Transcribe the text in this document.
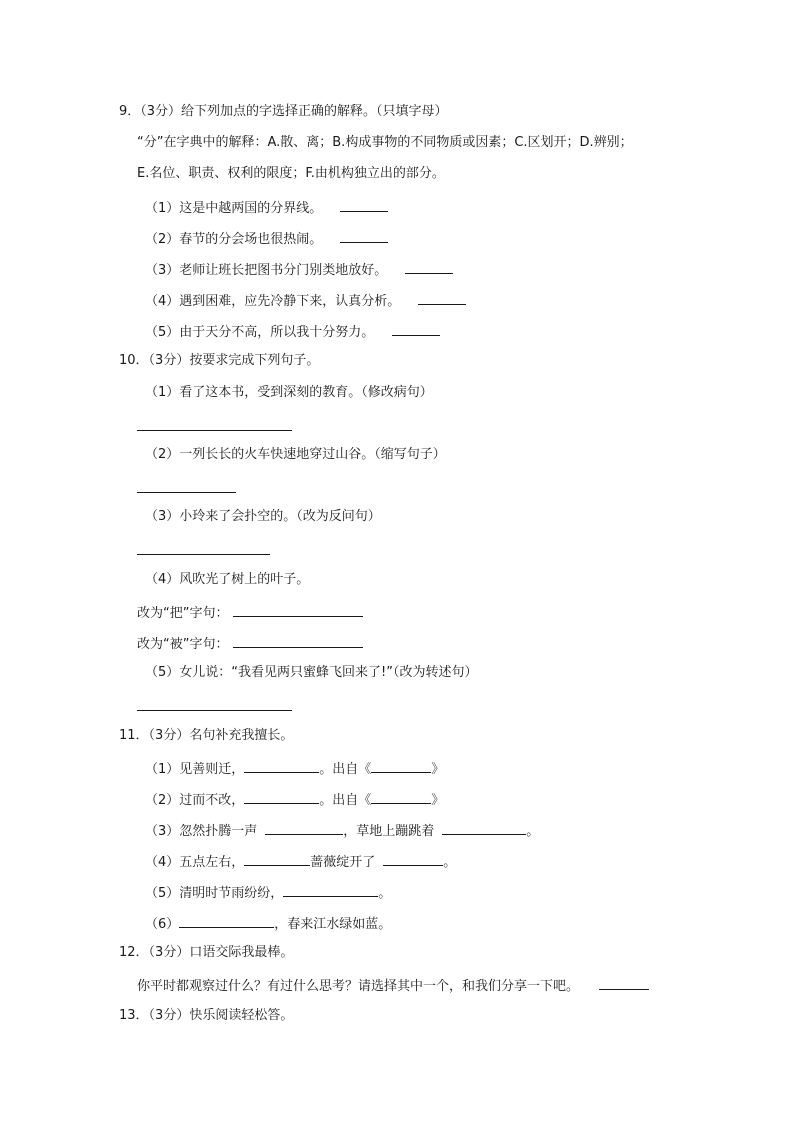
9．（3分）给下列加点的字选择正确的解释。（只填字母）
“分”在字典中的解释：A.散、离；B.构成事物的不同物质或因素；C.区划开；D.辨别；
E.名位、职责、权利的限度；F.由机构独立出的部分。
（1）这是中越两国的分界线。
（2）春节的分会场也很热闹。
（3）老师让班长把图书分门别类地放好。
（4）遇到困难，应先冷静下来，认真分析。
（5）由于天分不高，所以我十分努力。
10．（3分）按要求完成下列句子。
（1）看了这本书，受到深刻的教育。（修改病句）
（2）一列长长的火车快速地穿过山谷。（缩写句子）
（3）小玲来了会扑空的。（改为反问句）
（4）风吹光了树上的叶子。
改为“把”字句：
改为“被”字句：
（5）女儿说：“我看见两只蜜蜂飞回来了!”（改为转述句）
11．（3分）名句补充我擅长。
（1）见善则迁，	。出自《	》
（2）过而不改，	。出自《	》
（3）忽然扑腾一声	，草地上蹦跳着	。
（4）五点左右，	蔷薇绽开了	。
（5）清明时节雨纷纷，	。
（6）	，春来江水绿如蓝。
12．（3分）口语交际我最棒。
你平时都观察过什么？有过什么思考？请选择其中一个，和我们分享一下吧。
13．（3分）快乐阅读轻松答。
